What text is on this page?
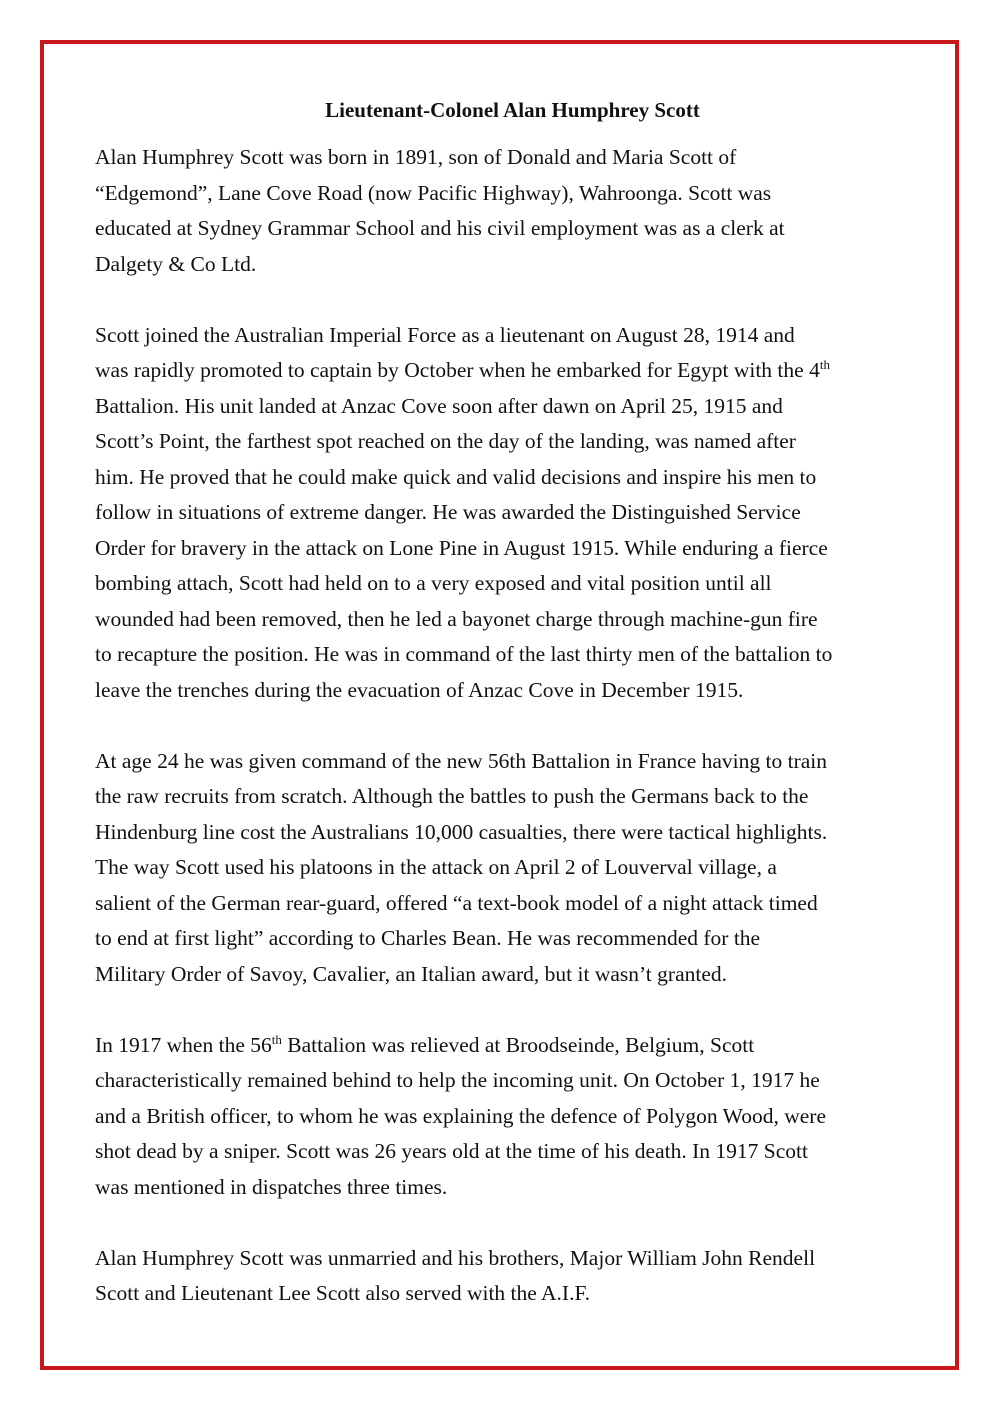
Lieutenant-Colonel Alan Humphrey Scott

Alan Humphrey Scott was born in 1891, son of Donald and Maria Scott of
“Edgemond”, Lane Cove Road (now Pacific Highway), Wahroonga. Scott was
educated at Sydney Grammar School and his civil employment was as a clerk at
Dalgety & Co Ltd.

Scott joined the Australian Imperial Force as a lieutenant on August 28, 1914 and
was rapidly promoted to captain by October when he embarked for Egypt with the 4th
Battalion. His unit landed at Anzac Cove soon after dawn on April 25, 1915 and
Scott’s Point, the farthest spot reached on the day of the landing, was named after
him. He proved that he could make quick and valid decisions and inspire his men to
follow in situations of extreme danger. He was awarded the Distinguished Service
Order for bravery in the attack on Lone Pine in August 1915. While enduring a fierce
bombing attach, Scott had held on to a very exposed and vital position until all
wounded had been removed, then he led a bayonet charge through machine-gun fire
to recapture the position. He was in command of the last thirty men of the battalion to
leave the trenches during the evacuation of Anzac Cove in December 1915.

At age 24 he was given command of the new 56th Battalion in France having to train
the raw recruits from scratch. Although the battles to push the Germans back to the
Hindenburg line cost the Australians 10,000 casualties, there were tactical highlights.
The way Scott used his platoons in the attack on April 2 of Louverval village, a
salient of the German rear-guard, offered “a text-book model of a night attack timed
to end at first light” according to Charles Bean. He was recommended for the
Military Order of Savoy, Cavalier, an Italian award, but it wasn’t granted.

In 1917 when the 56th Battalion was relieved at Broodseinde, Belgium, Scott
characteristically remained behind to help the incoming unit. On October 1, 1917 he
and a British officer, to whom he was explaining the defence of Polygon Wood, were
shot dead by a sniper. Scott was 26 years old at the time of his death. In 1917 Scott
was mentioned in dispatches three times.

Alan Humphrey Scott was unmarried and his brothers, Major William John Rendell
Scott and Lieutenant Lee Scott also served with the A.I.F.
